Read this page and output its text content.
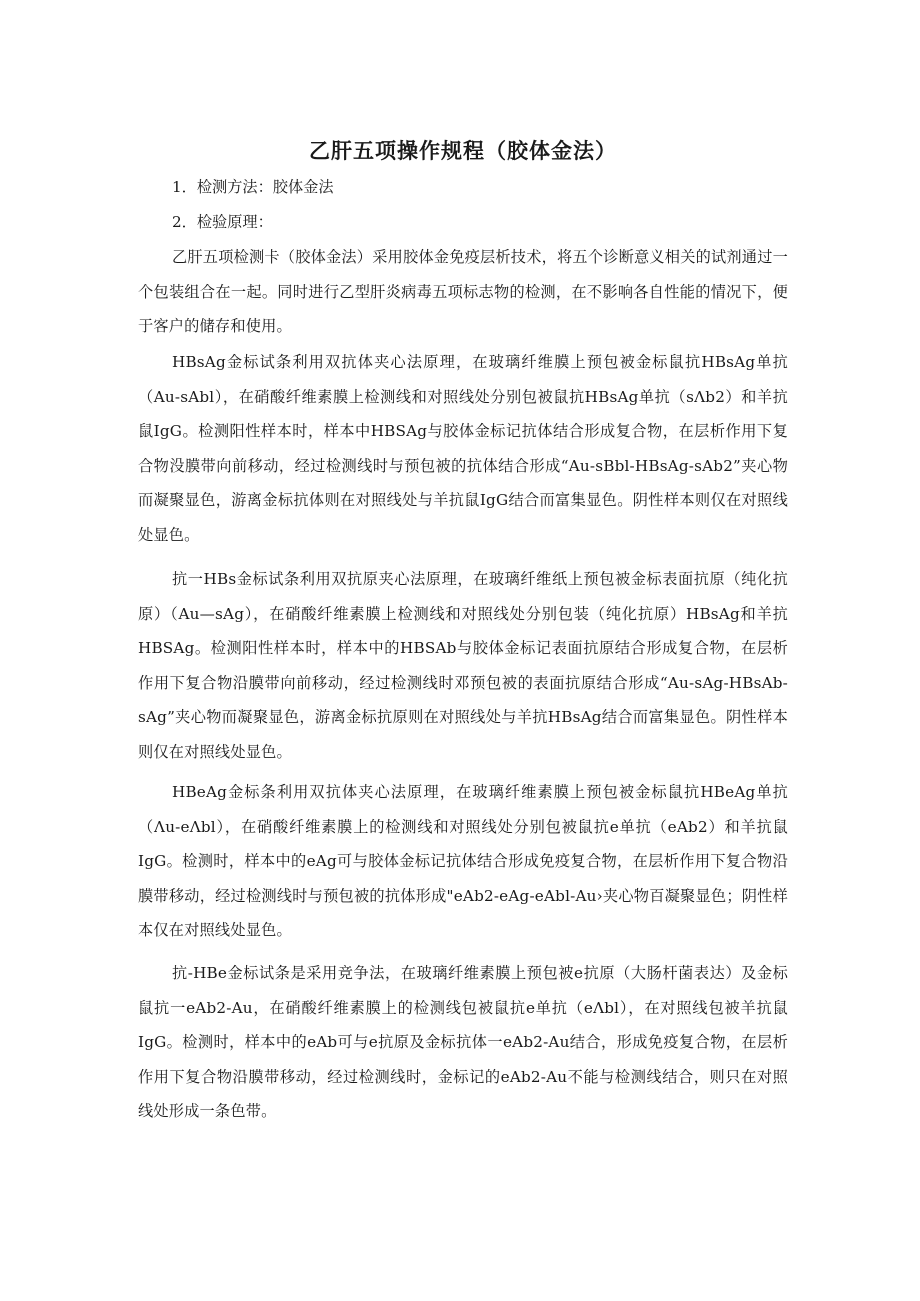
乙肝五项操作规程（胶体金法）

1．检测方法：胶体金法

2．检验原理：

乙肝五项检测卡（胶体金法）采用胶体金免疫层析技术，将五个诊断意义相关的试剂通过一个包装组合在一起。同时进行乙型肝炎病毒五项标志物的检测，在不影响各自性能的情况下，便于客户的储存和使用。

HBsAg金标试条利用双抗体夹心法原理，在玻璃纤维膜上预包被金标鼠抗HBsAg单抗（Au-sAbl），在硝酸纤维素膜上检测线和对照线处分别包被鼠抗HBsAg单抗（sΛb2）和羊抗鼠IgG。检测阳性样本时，样本中HBSAg与胶体金标记抗体结合形成复合物，在层析作用下复合物没膜带向前移动，经过检测线时与预包被的抗体结合形成“Au-sBbl-HBsAg-sAb2”夹心物而凝聚显色，游离金标抗体则在对照线处与羊抗鼠IgG结合而富集显色。阴性样本则仅在对照线处显色。

抗一HBs金标试条利用双抗原夹心法原理，在玻璃纤维纸上预包被金标表面抗原（纯化抗原）（Au—sAg），在硝酸纤维素膜上检测线和对照线处分别包装（纯化抗原）HBsAg和羊抗HBSAg。检测阳性样本时，样本中的HBSAb与胶体金标记表面抗原结合形成复合物，在层析作用下复合物沿膜带向前移动，经过检测线时邓预包被的表面抗原结合形成“Au-sAg-HBsAb-sAg”夹心物而凝聚显色，游离金标抗原则在对照线处与羊抗HBsAg结合而富集显色。阴性样本则仅在对照线处显色。

HBeAg金标条利用双抗体夹心法原理，在玻璃纤维素膜上预包被金标鼠抗HBeAg单抗（Λu-eΛbl），在硝酸纤维素膜上的检测线和对照线处分别包被鼠抗e单抗（eAb2）和羊抗鼠IgG。检测时，样本中的eAg可与胶体金标记抗体结合形成免疫复合物，在层析作用下复合物沿膜带移动，经过检测线时与预包被的抗体形成"eAb2-eAg-eAbl-Au›夹心物百凝聚显色；阴性样本仅在对照线处显色。

抗-HBe金标试条是采用竞争法，在玻璃纤维素膜上预包被e抗原（大肠杆菌表达）及金标鼠抗一eAb2-Au，在硝酸纤维素膜上的检测线包被鼠抗e单抗（eΛbl），在对照线包被羊抗鼠IgG。检测时，样本中的eAb可与e抗原及金标抗体一eAb2-Au结合，形成免疫复合物，在层析作用下复合物沿膜带移动，经过检测线时，金标记的eAb2-Au不能与检测线结合，则只在对照线处形成一条色带。
